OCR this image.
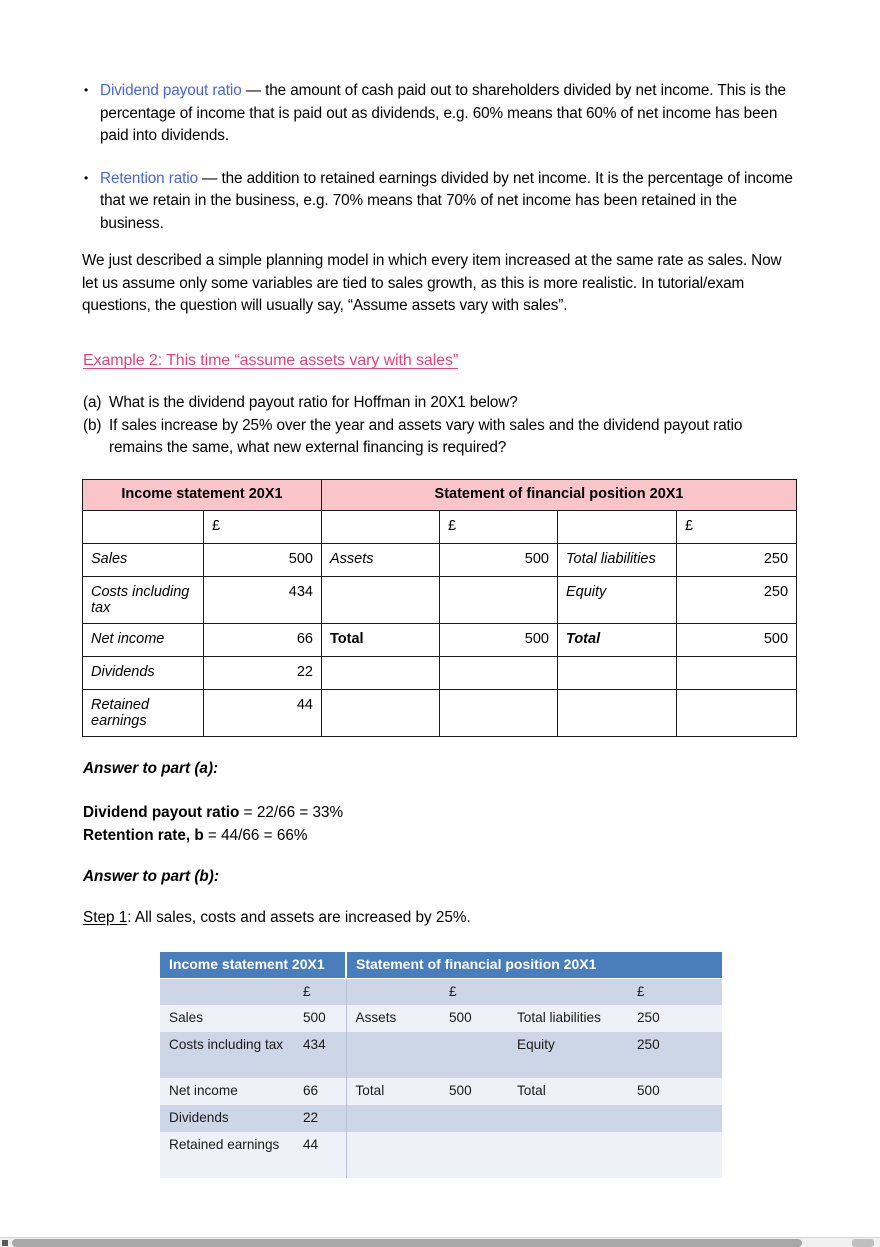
• Dividend payout ratio — the amount of cash paid out to shareholders divided by net income. This is the percentage of income that is paid out as dividends, e.g. 60% means that 60% of net income has been paid into dividends.
• Retention ratio — the addition to retained earnings divided by net income. It is the percentage of income that we retain in the business, e.g. 70% means that 70% of net income has been retained in the business.
We just described a simple planning model in which every item increased at the same rate as sales. Now let us assume only some variables are tied to sales growth, as this is more realistic. In tutorial/exam questions, the question will usually say, “Assume assets vary with sales”.
Example 2: This time “assume assets vary with sales”
(a) What is the dividend payout ratio for Hoffman in 20X1 below?
(b) If sales increase by 25% over the year and assets vary with sales and the dividend payout ratio remains the same, what new external financing is required?
Income statement 20X1		Statement of financial position 20X1			
	£		£		£
Sales	500	Assets	500	Total liabilities	250
Costs including tax	434			Equity	250
Net income	66	Total	500	Total	500
Dividends	22				
Retained earnings	44				
Answer to part (a):
Dividend payout ratio = 22/66 = 33%
Retention rate, b = 44/66 = 66%
Answer to part (b):
Step 1: All sales, costs and assets are increased by 25%.
Income statement 20X1		Statement of financial position 20X1			
	£		£		£
Sales	500	Assets	500	Total liabilities	250
Costs including tax	434			Equity	250
Net income	66	Total	500	Total	500
Dividends	22				
Retained earnings	44				
